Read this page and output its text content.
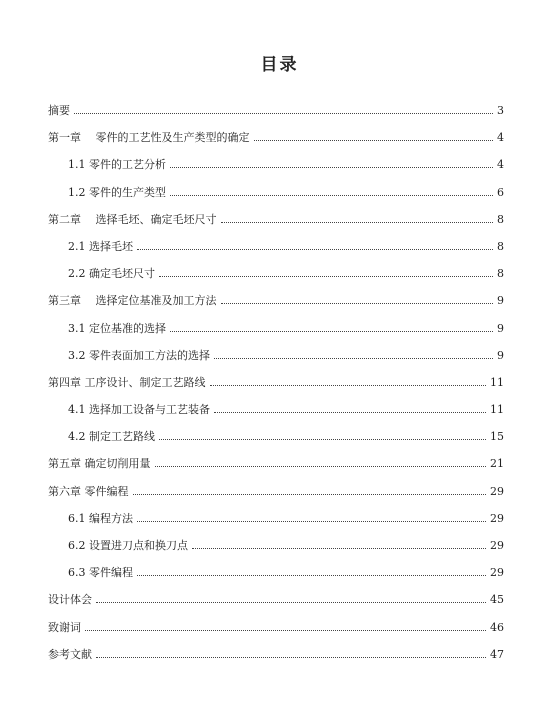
目录
摘要	3
第一章　 零件的工艺性及生产类型的确定	4
1.1 零件的工艺分析	4
1.2 零件的生产类型	6
第二章　 选择毛坯、确定毛坯尺寸	8
2.1 选择毛坯	8
2.2 确定毛坯尺寸	8
第三章　 选择定位基准及加工方法	9
3.1 定位基准的选择	9
3.2 零件表面加工方法的选择	9
第四章 工序设计、制定工艺路线	11
4.1 选择加工设备与工艺装备	11
4.2 制定工艺路线	15
第五章 确定切削用量	21
第六章 零件编程	29
6.1 编程方法	29
6.2 设置进刀点和换刀点	29
6.3 零件编程	29
设计体会	45
致谢词	46
参考文献	47
